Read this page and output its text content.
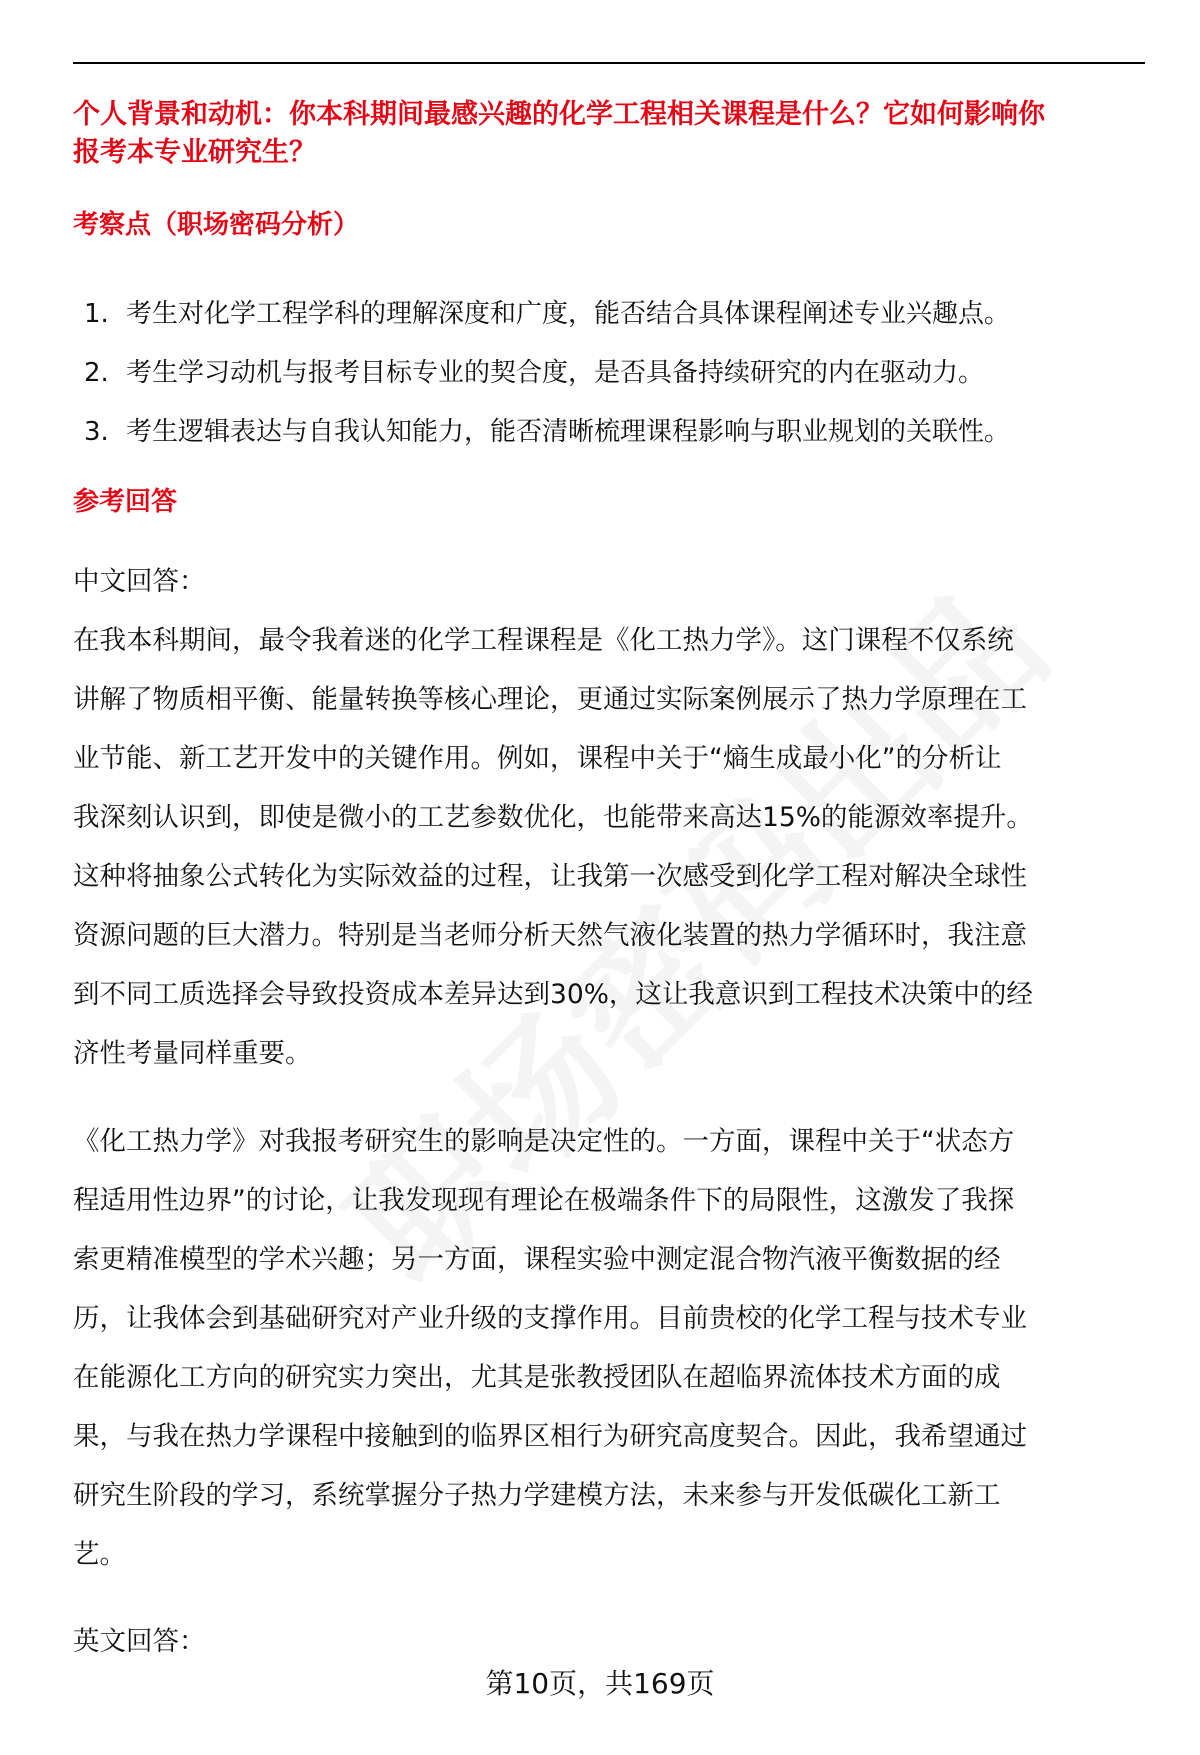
个人背景和动机：你本科期间最感兴趣的化学工程相关课程是什么？它如何影响你
报考本专业研究生？
考察点（职场密码分析）
1. 考生对化学工程学科的理解深度和广度，能否结合具体课程阐述专业兴趣点。
2. 考生学习动机与报考目标专业的契合度，是否具备持续研究的内在驱动力。
3. 考生逻辑表达与自我认知能力，能否清晰梳理课程影响与职业规划的关联性。
参考回答
中文回答：
在我本科期间，最令我着迷的化学工程课程是《化工热力学》。这门课程不仅系统
讲解了物质相平衡、能量转换等核心理论，更通过实际案例展示了热力学原理在工
业节能、新工艺开发中的关键作用。例如，课程中关于“熵生成最小化”的分析让
我深刻认识到，即使是微小的工艺参数优化，也能带来高达15%的能源效率提升。
这种将抽象公式转化为实际效益的过程，让我第一次感受到化学工程对解决全球性
资源问题的巨大潜力。特别是当老师分析天然气液化装置的热力学循环时，我注意
到不同工质选择会导致投资成本差异达到30%，这让我意识到工程技术决策中的经
济性考量同样重要。
《化工热力学》对我报考研究生的影响是决定性的。一方面，课程中关于“状态方
程适用性边界”的讨论，让我发现现有理论在极端条件下的局限性，这激发了我探
索更精准模型的学术兴趣；另一方面，课程实验中测定混合物汽液平衡数据的经
历，让我体会到基础研究对产业升级的支撑作用。目前贵校的化学工程与技术专业
在能源化工方向的研究实力突出，尤其是张教授团队在超临界流体技术方面的成
果，与我在热力学课程中接触到的临界区相行为研究高度契合。因此，我希望通过
研究生阶段的学习，系统掌握分子热力学建模方法，未来参与开发低碳化工新工
艺。
英文回答：
第10页，共169页
